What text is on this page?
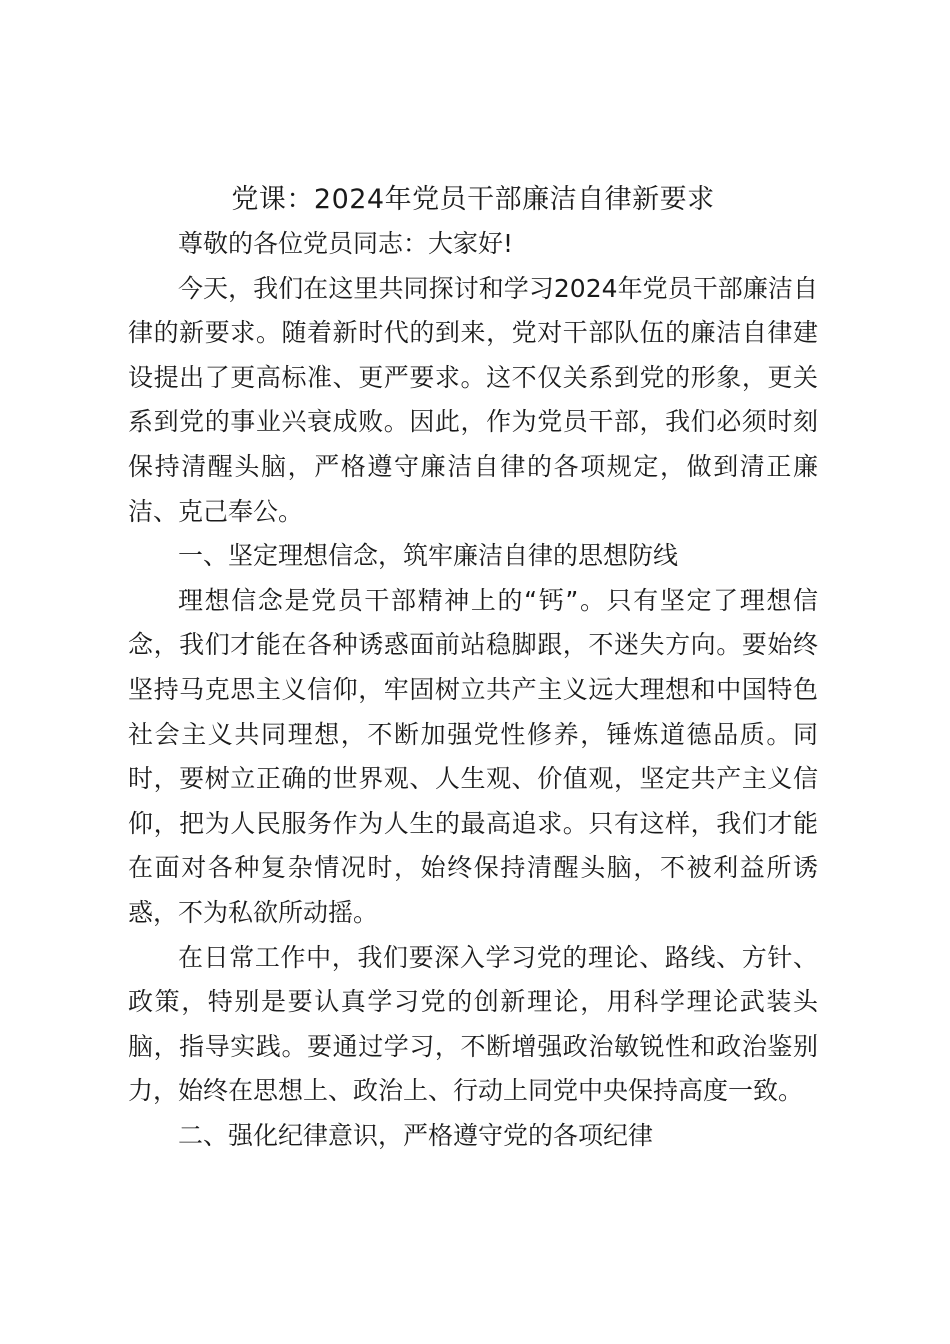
党课：2024年党员干部廉洁自律新要求

尊敬的各位党员同志：大家好!

今天，我们在这里共同探讨和学习2024年党员干部廉洁自律的新要求。随着新时代的到来，党对干部队伍的廉洁自律建设提出了更高标准、更严要求。这不仅关系到党的形象，更关系到党的事业兴衰成败。因此，作为党员干部，我们必须时刻保持清醒头脑，严格遵守廉洁自律的各项规定，做到清正廉洁、克己奉公。

一、坚定理想信念，筑牢廉洁自律的思想防线

理想信念是党员干部精神上的“钙”。只有坚定了理想信念，我们才能在各种诱惑面前站稳脚跟，不迷失方向。要始终坚持马克思主义信仰，牢固树立共产主义远大理想和中国特色社会主义共同理想，不断加强党性修养，锤炼道德品质。同时，要树立正确的世界观、人生观、价值观，坚定共产主义信仰，把为人民服务作为人生的最高追求。只有这样，我们才能在面对各种复杂情况时，始终保持清醒头脑，不被利益所诱惑，不为私欲所动摇。

在日常工作中，我们要深入学习党的理论、路线、方针、政策，特别是要认真学习党的创新理论，用科学理论武装头脑，指导实践。要通过学习，不断增强政治敏锐性和政治鉴别力，始终在思想上、政治上、行动上同党中央保持高度一致。

二、强化纪律意识，严格遵守党的各项纪律
